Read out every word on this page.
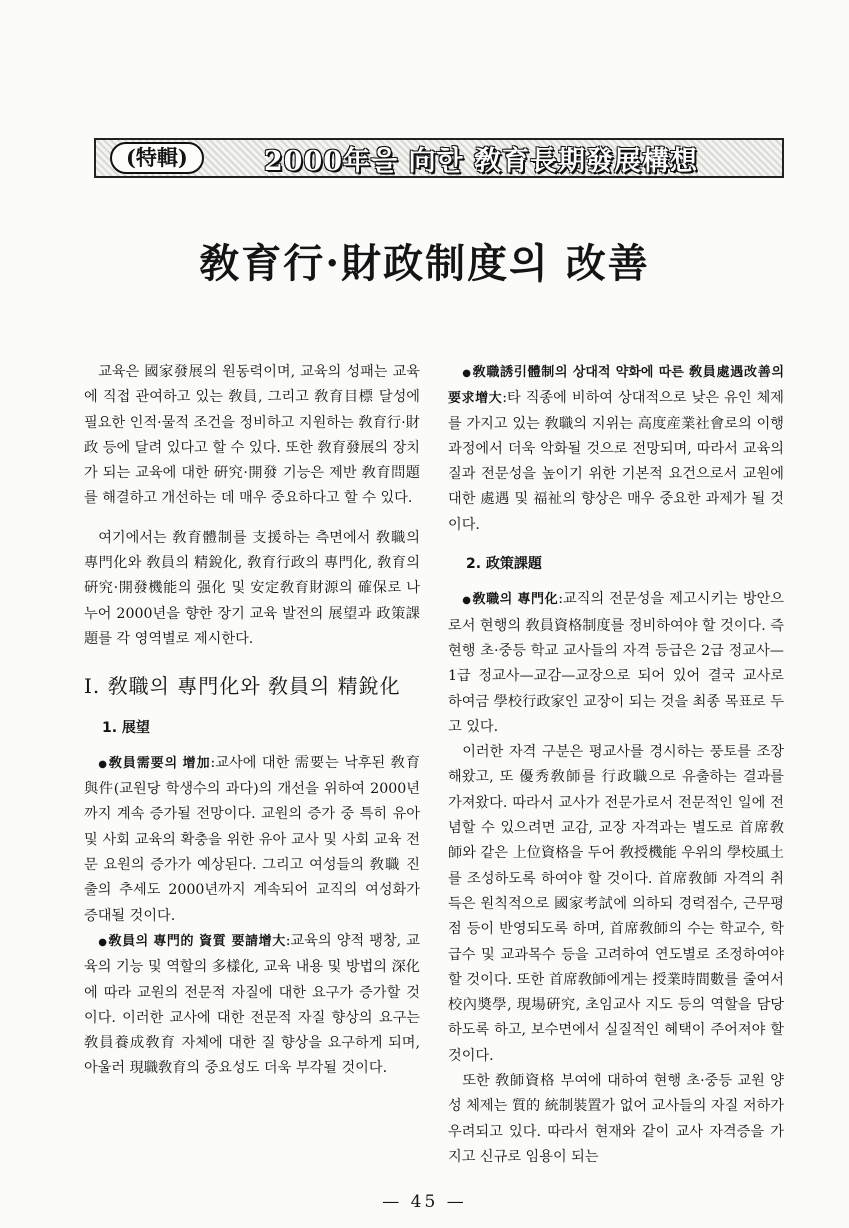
(特輯)	2000年을 向한 敎育長期發展構想
敎育行·財政制度의 改善

교육은 國家發展의 원동력이며, 교육의 성패는 교육에 직접 관여하고 있는 敎員, 그리고 敎育目標 달성에 필요한 인적·물적 조건을 정비하고 지원하는 敎育行·財政 등에 달려 있다고 할 수 있다. 또한 敎育發展의 장치가 되는 교육에 대한 硏究·開發 기능은 제반 敎育問題를 해결하고 개선하는 데 매우 중요하다고 할 수 있다.

여기에서는 敎育體制를 支援하는 측면에서 敎職의 專門化와 敎員의 精銳化, 敎育行政의 專門化, 敎育의 硏究·開發機能의 强化 및 安定敎育財源의 確保로 나누어 2000년을 향한 장기 교육 발전의 展望과 政策課題를 각 영역별로 제시한다.

Ⅰ. 敎職의 專門化와 敎員의 精銳化
1. 展望

● 敎員需要의 增加:교사에 대한 需要는 낙후된 敎育與件(교원당 학생수의 과다)의 개선을 위하여 2000년까지 계속 증가될 전망이다. 교원의 증가 중 특히 유아 및 사회 교육의 확충을 위한 유아 교사 및 사회 교육 전문 요원의 증가가 예상된다. 그리고 여성들의 敎職 진출의 추세도 2000년까지 계속되어 교직의 여성화가 증대될 것이다.

● 敎員의 專門的 資質 要請增大:교육의 양적 팽창, 교육의 기능 및 역할의 多樣化, 교육 내용 및 방법의 深化에 따라 교원의 전문적 자질에 대한 요구가 증가할 것이다. 이러한 교사에 대한 전문적 자질 향상의 요구는 敎員養成敎育 자체에 대한 질 향상을 요구하게 되며, 아울러 現職敎育의 중요성도 더욱 부각될 것이다.

● 敎職誘引體制의 상대적 약화에 따른 敎員處遇改善의 要求增大:타 직종에 비하여 상대적으로 낮은 유인 체제를 가지고 있는 敎職의 지위는 高度産業社會로의 이행 과정에서 더욱 악화될 것으로 전망되며, 따라서 교육의 질과 전문성을 높이기 위한 기본적 요건으로서 교원에 대한 處遇 및 福祉의 향상은 매우 중요한 과제가 될 것이다.

2. 政策課題

● 敎職의 專門化:교직의 전문성을 제고시키는 방안으로서 현행의 敎員資格制度를 정비하여야 할 것이다. 즉 현행 초·중등 학교 교사들의 자격 등급은 2급 정교사—1급 정교사—교감—교장으로 되어 있어 결국 교사로 하여금 學校行政家인 교장이 되는 것을 최종 목표로 두고 있다.

이러한 자격 구분은 평교사를 경시하는 풍토를 조장해왔고, 또 優秀敎師를 行政職으로 유출하는 결과를 가져왔다. 따라서 교사가 전문가로서 전문적인 일에 전념할 수 있으려면 교감, 교장 자격과는 별도로 首席敎師와 같은 上位資格을 두어 敎授機能 우위의 學校風土를 조성하도록 하여야 할 것이다. 首席敎師 자격의 취득은 원칙적으로 國家考試에 의하되 경력점수, 근무평점 등이 반영되도록 하며, 首席敎師의 수는 학교수, 학급수 및 교과목수 등을 고려하여 연도별로 조정하여야 할 것이다. 또한 首席敎師에게는 授業時間數를 줄여서 校內奬學, 現場硏究, 초임교사 지도 등의 역할을 담당하도록 하고, 보수면에서 실질적인 혜택이 주어져야 할 것이다.

또한 敎師資格 부여에 대하여 현행 초·중등 교원 양성 체제는 質的 統制裝置가 없어 교사들의 자질 저하가 우려되고 있다. 따라서 현재와 같이 교사 자격증을 가지고 신규로 임용이 되는

— 45 —
